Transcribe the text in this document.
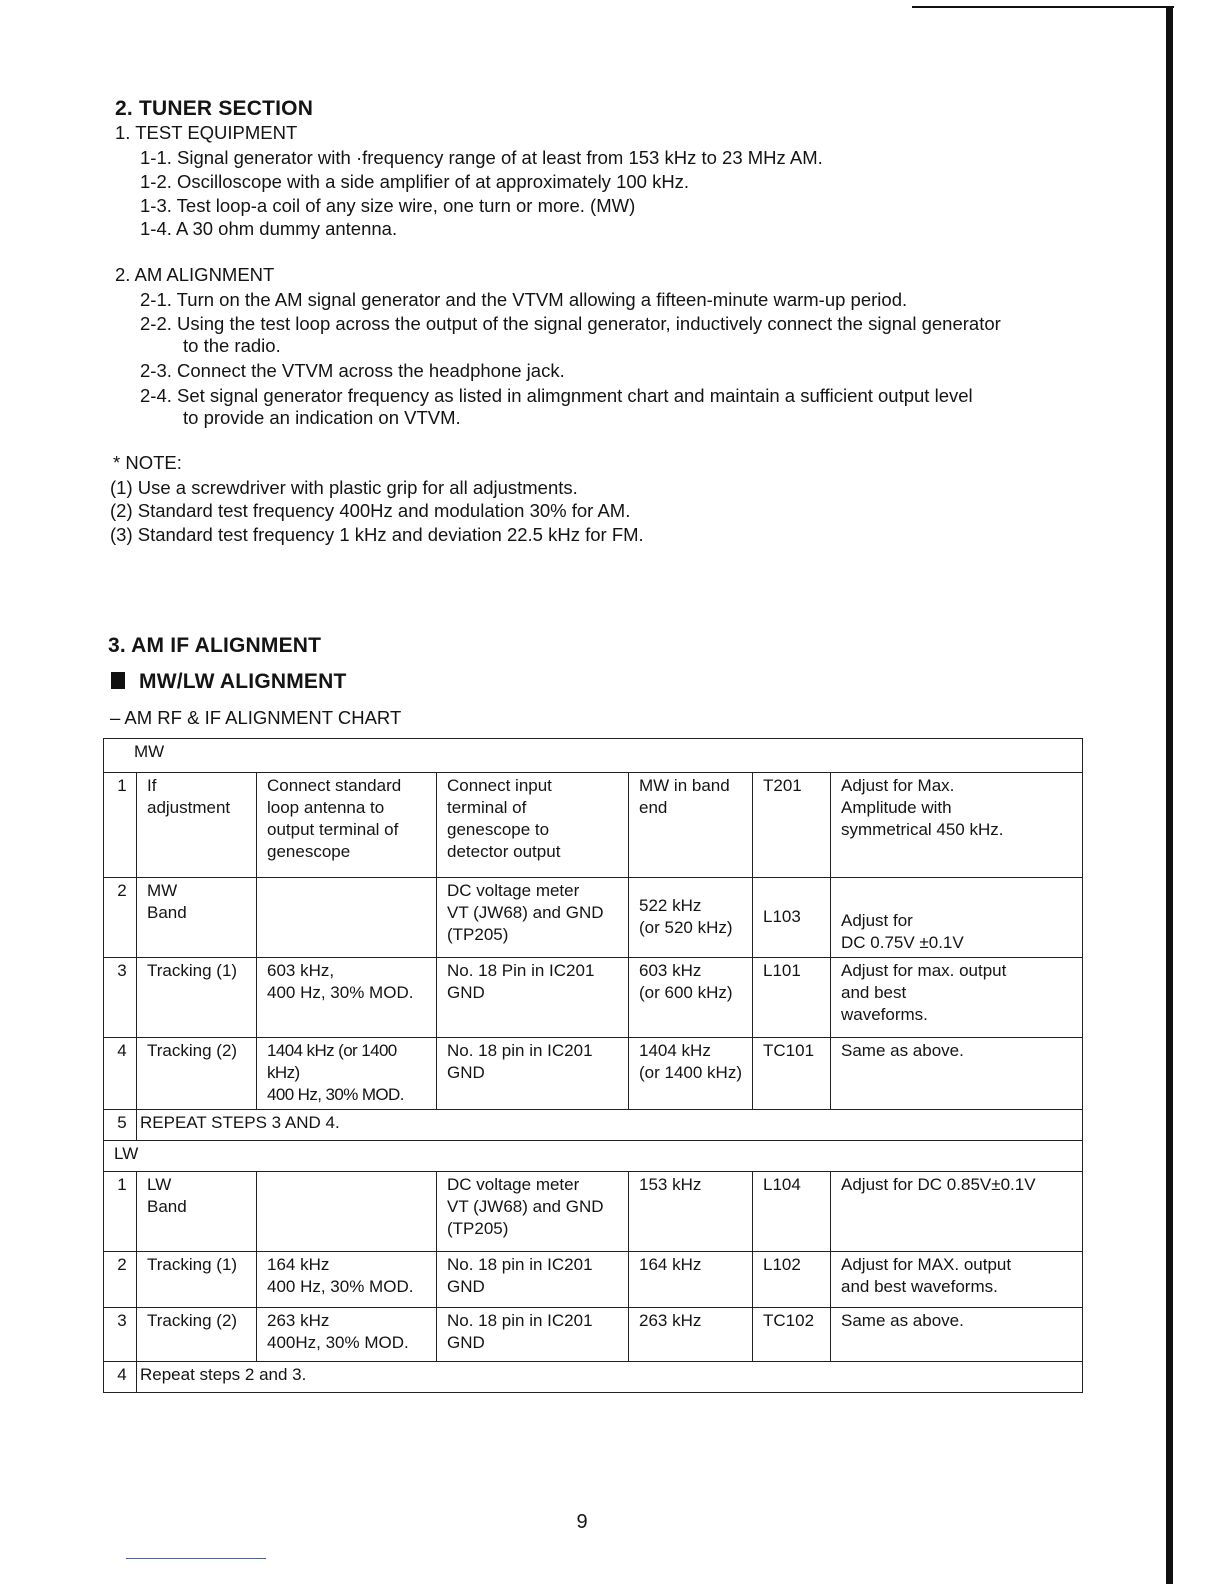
2. TUNER SECTION
1. TEST EQUIPMENT
1-1. Signal generator with ·frequency range of at least from 153 kHz to 23 MHz AM.
1-2. Oscilloscope with a side amplifier of at approximately 100 kHz.
1-3. Test loop-a coil of any size wire, one turn or more. (MW)
1-4. A 30 ohm dummy antenna.
2. AM ALIGNMENT
2-1. Turn on the AM signal generator and the VTVM allowing a fifteen-minute warm-up period.
2-2. Using the test loop across the output of the signal generator, inductively connect the signal generator
to the radio.
2-3. Connect the VTVM across the headphone jack.
2-4. Set signal generator frequency as listed in alimgnment chart and maintain a sufficient output level
to provide an indication on VTVM.
* NOTE:
(1) Use a screwdriver with plastic grip for all adjustments.
(2) Standard test frequency 400Hz and modulation 30% for AM.
(3) Standard test frequency 1 kHz and deviation 22.5 kHz for FM.
3. AM IF ALIGNMENT
MW/LW ALIGNMENT
– AM RF & IF ALIGNMENT CHART
MW						
1	If
adjustment	Connect standard
loop antenna to
output terminal of
genescope	Connect input
terminal of
genescope to
detector output	MW in band
end	T201	Adjust for Max.
Amplitude with
symmetrical 450 kHz.
2	MW
Band		DC voltage meter
VT (JW68) and GND
(TP205)	522 kHz
(or 520 kHz)	L103	Adjust for
DC 0.75V ±0.1V
3	Tracking (1)	603 kHz,
400 Hz, 30% MOD.	No. 18 Pin in IC201
GND	603 kHz
(or 600 kHz)	L101	Adjust for max. output
and best
waveforms.
4	Tracking (2)	1404 kHz (or 1400 kHz)
400 Hz, 30% MOD.	No. 18 pin in IC201
GND	1404 kHz
(or 1400 kHz)	TC101	Same as above.
5	REPEAT STEPS 3 AND 4.					
LW						
1	LW
Band		DC voltage meter
VT (JW68) and GND
(TP205)	153 kHz	L104	Adjust for DC 0.85V±0.1V
2	Tracking (1)	164 kHz
400 Hz, 30% MOD.	No. 18 pin in IC201
GND	164 kHz	L102	Adjust for MAX. output
and best waveforms.
3	Tracking (2)	263 kHz
400Hz, 30% MOD.	No. 18 pin in IC201
GND	263 kHz	TC102	Same as above.
4	Repeat steps 2 and 3.					
9
